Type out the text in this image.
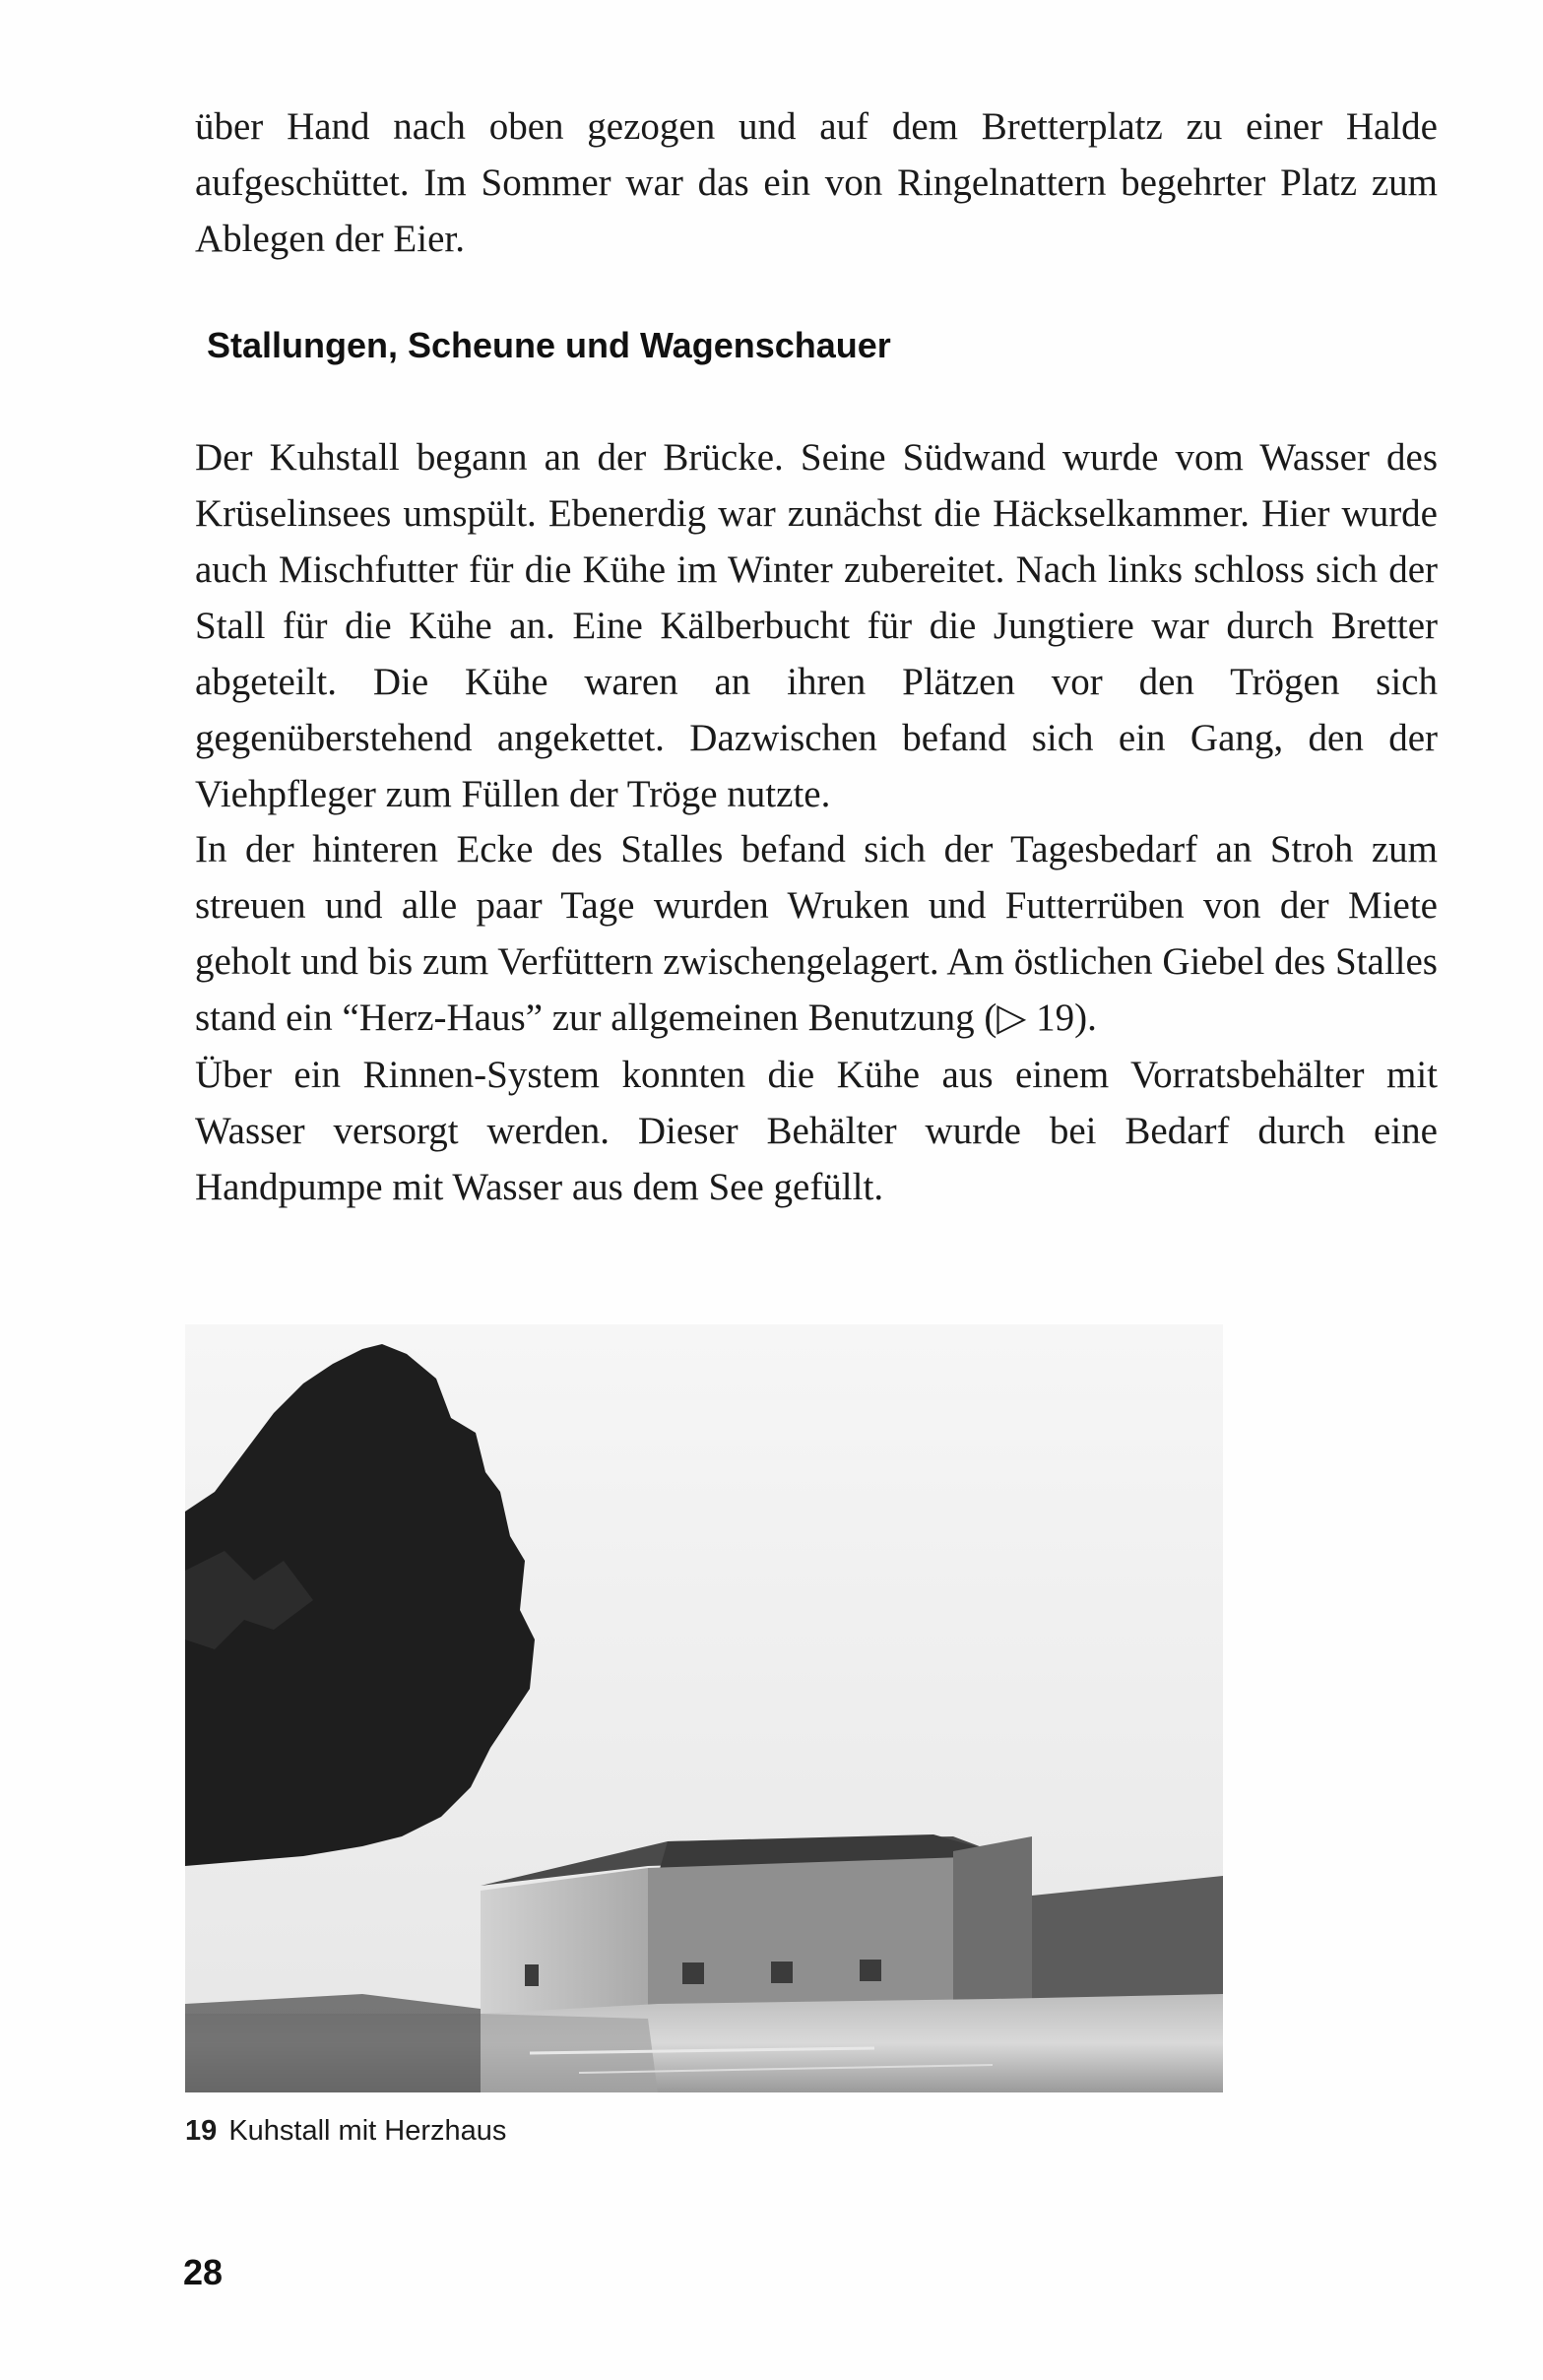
über Hand nach oben gezogen und auf dem Bretterplatz zu einer Halde aufgeschüttet. Im Sommer war das ein von Ringelnattern begehrter Platz zum Ablegen der Eier.

Stallungen, Scheune und Wagenschauer

Der Kuhstall begann an der Brücke. Seine Südwand wurde vom Wasser des Krüselinsees umspült. Ebenerdig war zunächst die Häckselkammer. Hier wurde auch Mischfutter für die Kühe im Winter zubereitet. Nach links schloss sich der Stall für die Kühe an. Eine Kälberbucht für die Jungtiere war durch Bretter abgeteilt. Die Kühe waren an ihren Plätzen vor den Trögen sich gegenüberstehend angekettet. Dazwischen befand sich ein Gang, den der Viehpfleger zum Füllen der Tröge nutzte.

In der hinteren Ecke des Stalles befand sich der Tagesbedarf an Stroh zum streuen und alle paar Tage wurden Wruken und Futterrüben von der Miete geholt und bis zum Verfüttern zwischengelagert. Am östlichen Giebel des Stalles stand ein “Herz-Haus” zur allgemeinen Benutzung (▷ 19).

Über ein Rinnen-System konnten die Kühe aus einem Vorratsbehälter mit Wasser versorgt werden. Dieser Behälter wurde bei Bedarf durch eine Handpumpe mit Wasser aus dem See gefüllt.

19 Kuhstall mit Herzhaus
28
